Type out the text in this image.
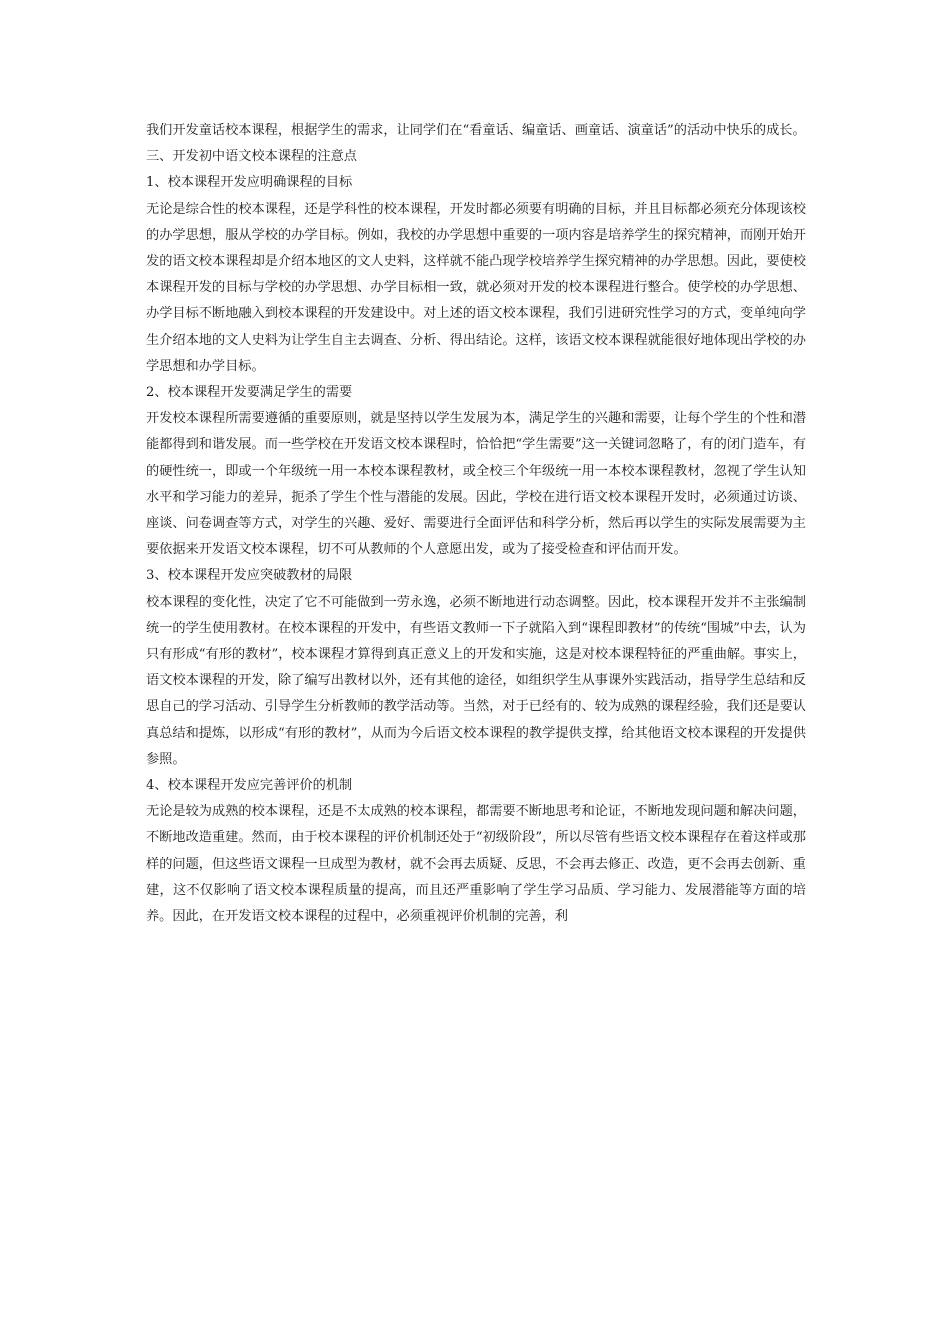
我们开发童话校本课程，根据学生的需求，让同学们在“看童话、编童话、画童话、演童话”的活动中快乐的成长。

三、开发初中语文校本课程的注意点

1、校本课程开发应明确课程的目标

无论是综合性的校本课程，还是学科性的校本课程，开发时都必须要有明确的目标，并且目标都必须充分体现该校的办学思想，服从学校的办学目标。例如，我校的办学思想中重要的一项内容是培养学生的探究精神，而刚开始开发的语文校本课程却是介绍本地区的文人史料，这样就不能凸现学校培养学生探究精神的办学思想。因此，要使校本课程开发的目标与学校的办学思想、办学目标相一致，就必须对开发的校本课程进行整合。使学校的办学思想、办学目标不断地融入到校本课程的开发建设中。对上述的语文校本课程，我们引进研究性学习的方式，变单纯向学生介绍本地的文人史料为让学生自主去调查、分析、得出结论。这样，该语文校本课程就能很好地体现出学校的办学思想和办学目标。

2、校本课程开发要满足学生的需要

开发校本课程所需要遵循的重要原则，就是坚持以学生发展为本，满足学生的兴趣和需要，让每个学生的个性和潜能都得到和谐发展。而一些学校在开发语文校本课程时，恰恰把“学生需要”这一关键词忽略了，有的闭门造车，有的硬性统一，即或一个年级统一用一本校本课程教材，或全校三个年级统一用一本校本课程教材，忽视了学生认知水平和学习能力的差异，扼杀了学生个性与潜能的发展。因此，学校在进行语文校本课程开发时，必须通过访谈、座谈、问卷调查等方式，对学生的兴趣、爱好、需要进行全面评估和科学分析，然后再以学生的实际发展需要为主要依据来开发语文校本课程，切不可从教师的个人意愿出发，或为了接受检查和评估而开发。

3、校本课程开发应突破教材的局限

校本课程的变化性，决定了它不可能做到一劳永逸，必须不断地进行动态调整。因此，校本课程开发并不主张编制统一的学生使用教材。在校本课程的开发中，有些语文教师一下子就陷入到“课程即教材”的传统“围城”中去，认为只有形成“有形的教材”，校本课程才算得到真正意义上的开发和实施，这是对校本课程特征的严重曲解。事实上，语文校本课程的开发，除了编写出教材以外，还有其他的途径，如组织学生从事课外实践活动，指导学生总结和反思自己的学习活动、引导学生分析教师的教学活动等。当然，对于已经有的、较为成熟的课程经验，我们还是要认真总结和提炼，以形成“有形的教材”，从而为今后语文校本课程的教学提供支撑，给其他语文校本课程的开发提供参照。

4、校本课程开发应完善评价的机制

无论是较为成熟的校本课程，还是不太成熟的校本课程，都需要不断地思考和论证，不断地发现问题和解决问题，不断地改造重建。然而，由于校本课程的评价机制还处于“初级阶段”，所以尽管有些语文校本课程存在着这样或那样的问题，但这些语文课程一旦成型为教材，就不会再去质疑、反思，不会再去修正、改造，更不会再去创新、重建，这不仅影响了语文校本课程质量的提高，而且还严重影响了学生学习品质、学习能力、发展潜能等方面的培养。因此，在开发语文校本课程的过程中，必须重视评价机制的完善，利
